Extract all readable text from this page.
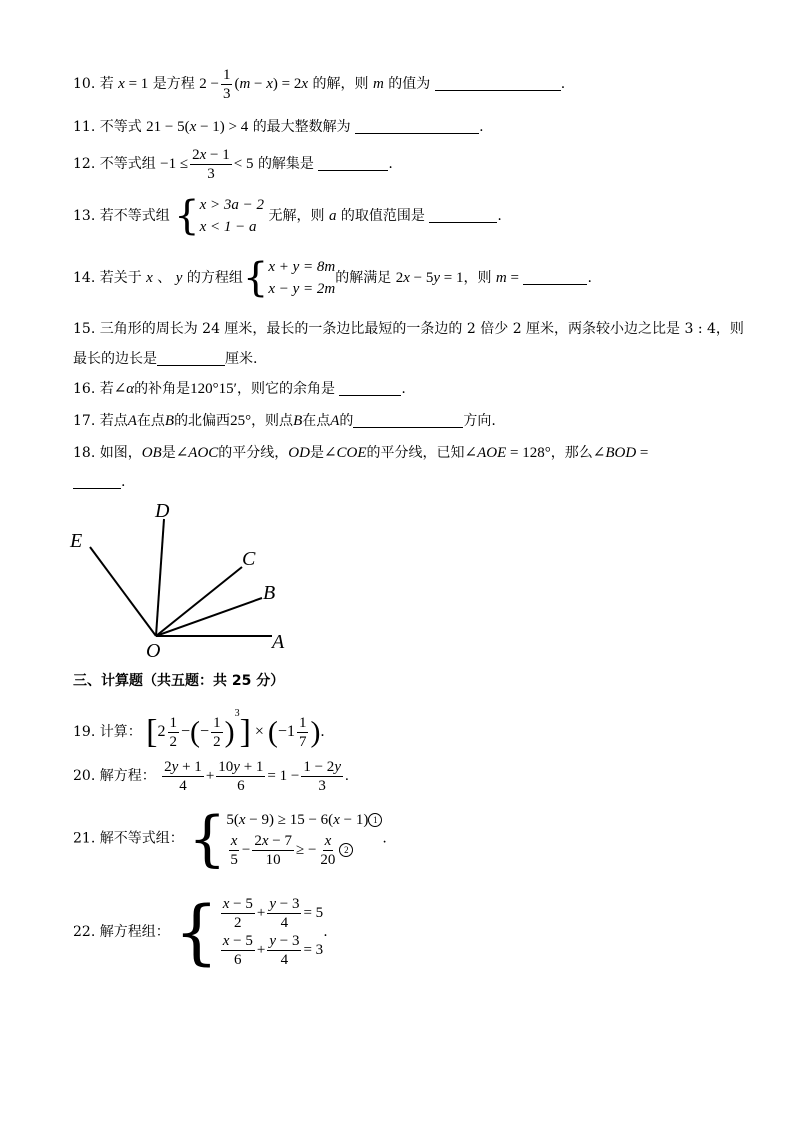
10. 若 x = 1 是方程 $2 - \frac{1}{3} (m - x) = 2x$ 的解，则 m 的值为	.
11. 不等式 21 − 5(x − 1) > 4 的最大整数解为	.
12. 不等式组 $-1 \le \frac{2x - 1}{3} < 5$ 的解集是	.
13. 若不等式组 { x > 3a − 2
x < 1 − a
无解，则 a 的取值范围是	.
14. 若关于 x 、 y 的方程组{ x + y = 8m
x − y = 2m
的解满足 2x − 5y = 1，则 m =	.
15. 三角形的周长为 24 厘米，最长的一条边比最短的一条边的 2 倍少 2 厘米，两条较小边之比是 3 : 4，则
最长的边长是	厘米.
16. 若∠α的补角是120°15′，则它的余角是	.
17. 若点A在点B的北偏西25°，则点B在点A的	方向.
18. 如图，OB是∠AOC的平分线，OD是∠COE的平分线，已知∠AOE = 128°，那么∠BOD =
.
E
D
C
B
A
O
三、计算题（共五题：共 25 分）
19. 计算： [$2 \frac{1}{2}$ −(− $\frac{1}{2} )^3] \times (-1 \frac{1}{7}$ ).
20. 解方程： $\frac{2y + 1}{4} + \frac{10y + 1}{6} = 1 - \frac{1 - 2y}{3}$ .
21. 解不等式组： { 5(x − 9) ≥ 15 − 6(x − 1) 1
$\frac{x}{5} - \frac{2x - 7}{10}$ ≥ − $\frac{x}{20} 2$
.
22. 解方程组： { $\frac{x - 5}{2} + \frac{y - 3}{4} = 5$
$\frac{x - 5}{6} + \frac{y - 3}{4} = 3$
.
